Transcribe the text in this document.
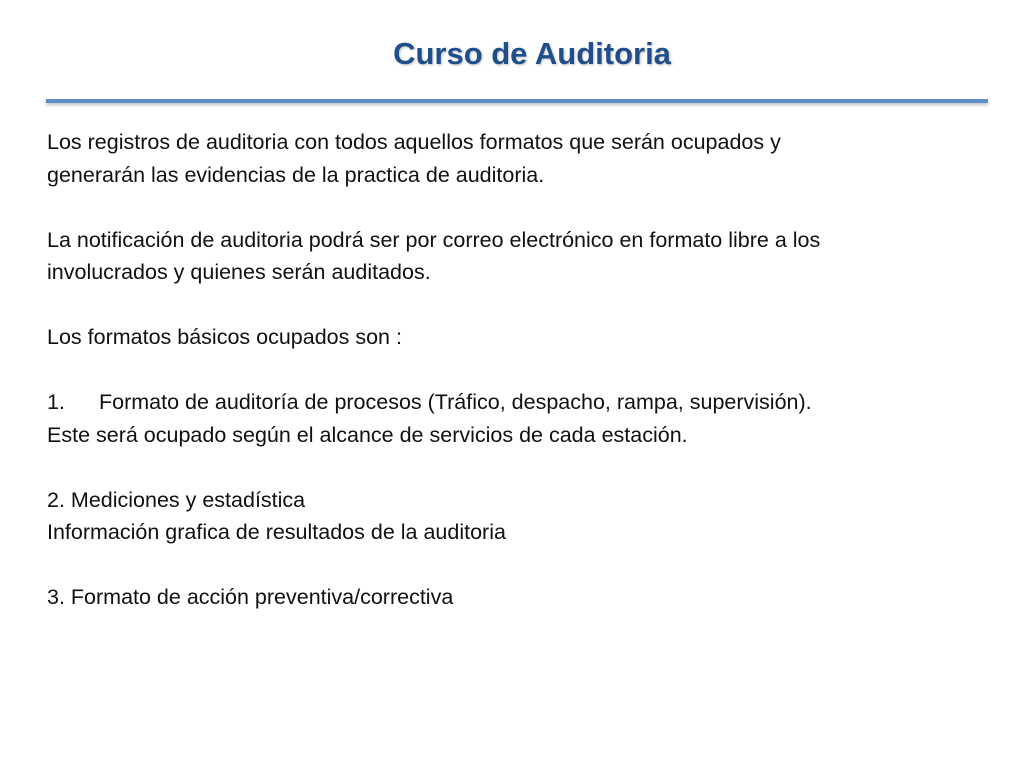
Curso de Auditoria

Los registros de auditoria con todos aquellos formatos que serán ocupados y

generarán las evidencias de la practica de auditoria.

La notificación de auditoria podrá ser por correo electrónico en formato libre a los

involucrados y quienes serán auditados.

Los formatos básicos ocupados son :

1. Formato de auditoría de procesos (Tráfico, despacho, rampa, supervisión).

Este será ocupado según el alcance de servicios de cada estación.

2. Mediciones y estadística

Información grafica de resultados de la auditoria

3. Formato de acción preventiva/correctiva
